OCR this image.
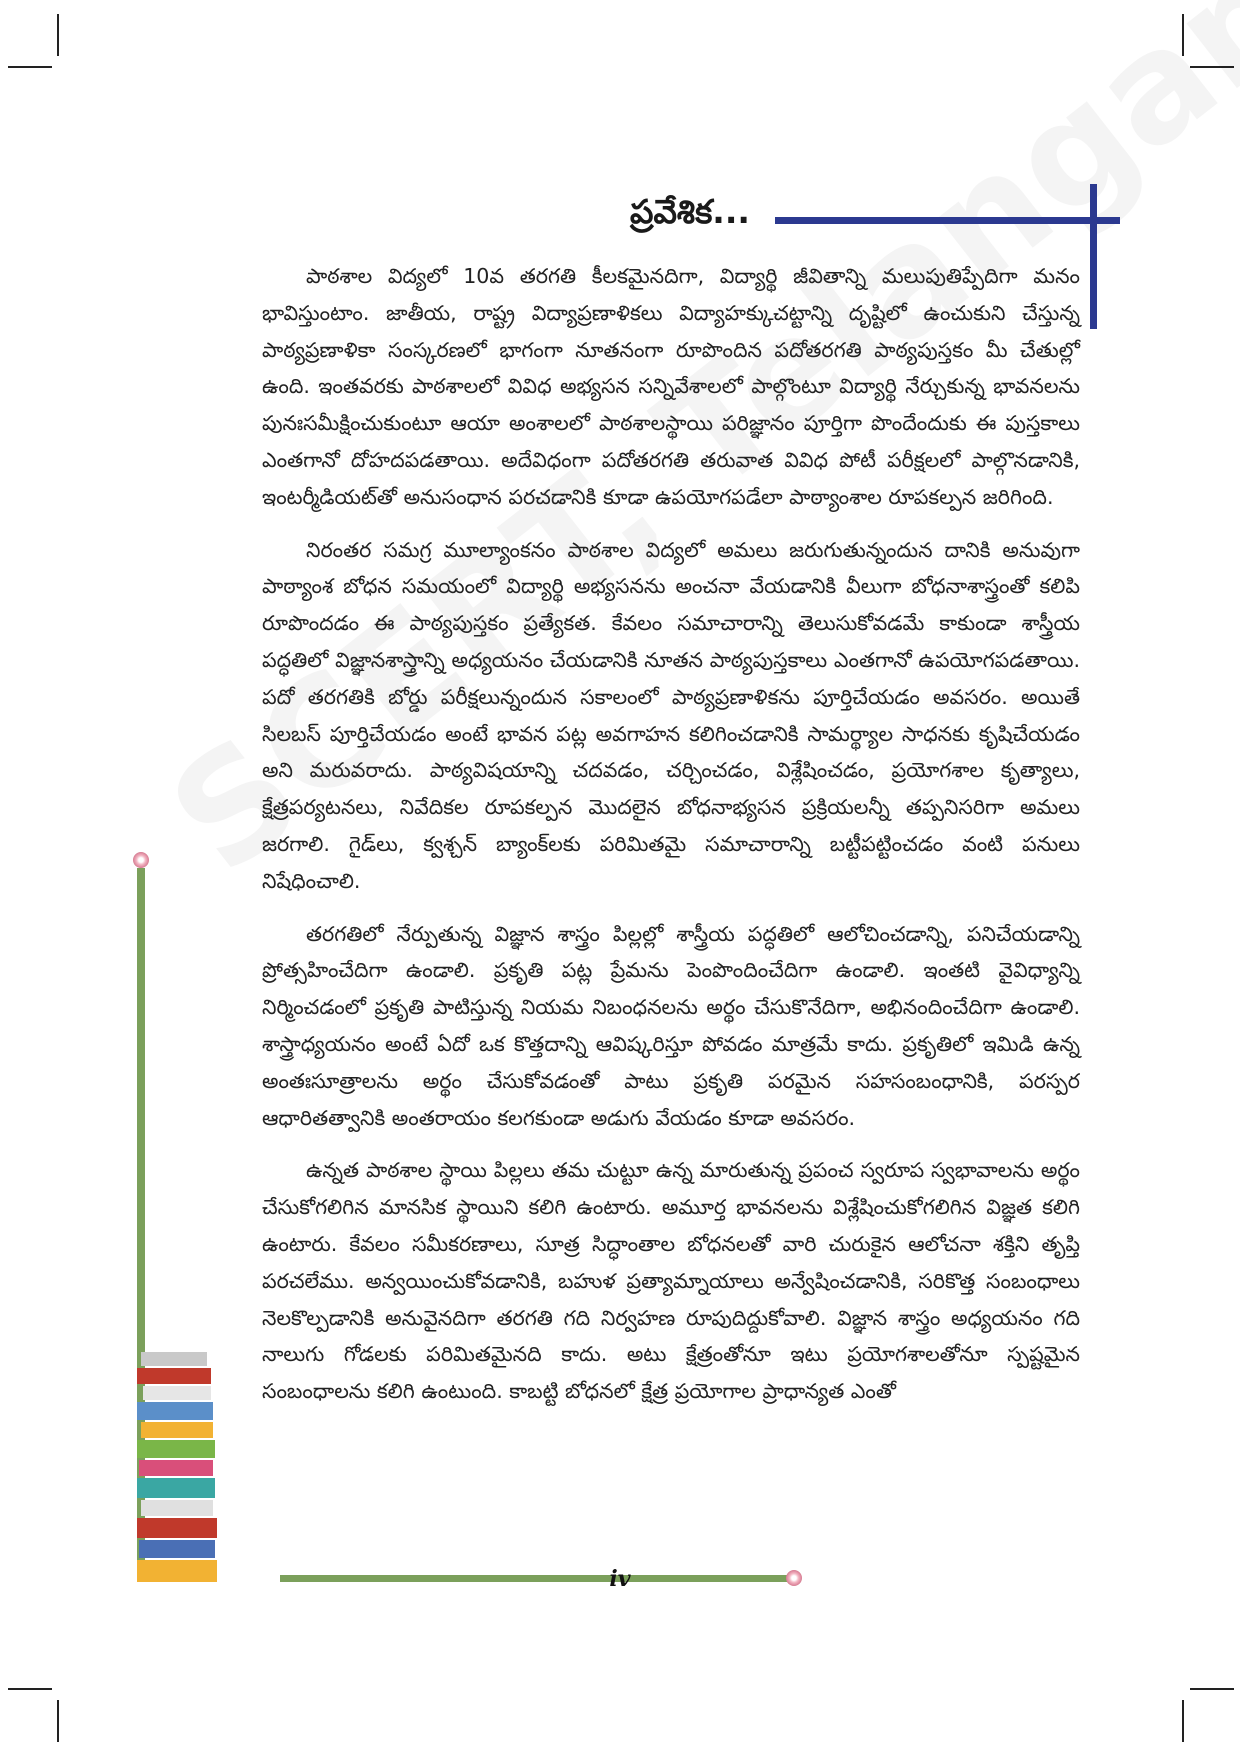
ప్రవేశిక...

పాఠశాల విద్యలో 10వ తరగతి కీలకమైనదిగా, విద్యార్థి జీవితాన్ని మలుపుతిప్పేదిగా మనం భావిస్తుంటాం. జాతీయ, రాష్ట్ర విద్యాప్రణాళికలు విద్యాహక్కుచట్టాన్ని దృష్టిలో ఉంచుకుని చేస్తున్న పాఠ్యప్రణాళికా సంస్కరణలో భాగంగా నూతనంగా రూపొందిన పదోతరగతి పాఠ్యపుస్తకం మీ చేతుల్లో ఉంది. ఇంతవరకు పాఠశాలలో వివిధ అభ్యసన సన్నివేశాలలో పాల్గొంటూ విద్యార్థి నేర్చుకున్న భావనలను పునఃసమీక్షించుకుంటూ ఆయా అంశాలలో పాఠశాలస్థాయి పరిజ్ఞానం పూర్తిగా పొందేందుకు ఈ పుస్తకాలు ఎంతగానో దోహదపడతాయి. అదేవిధంగా పదోతరగతి తరువాత వివిధ పోటీ పరీక్షలలో పాల్గొనడానికి, ఇంటర్మీడియట్‌తో అనుసంధాన పరచడానికి కూడా ఉపయోగపడేలా పాఠ్యాంశాల రూపకల్పన జరిగింది.

నిరంతర సమగ్ర మూల్యాంకనం పాఠశాల విద్యలో అమలు జరుగుతున్నందున దానికి అనువుగా పాఠ్యాంశ బోధన సమయంలో విద్యార్థి అభ్యసనను అంచనా వేయడానికి వీలుగా బోధనాశాస్త్రంతో కలిపి రూపొందడం ఈ పాఠ్యపుస్తకం ప్రత్యేకత. కేవలం సమాచారాన్ని తెలుసుకోవడమే కాకుండా శాస్త్రీయ పద్ధతిలో విజ్ఞానశాస్త్రాన్ని అధ్యయనం చేయడానికి నూతన పాఠ్యపుస్తకాలు ఎంతగానో ఉపయోగపడతాయి. పదో తరగతికి బోర్డు పరీక్షలున్నందున సకాలంలో పాఠ్యప్రణాళికను పూర్తిచేయడం అవసరం. అయితే సిలబస్ పూర్తిచేయడం అంటే భావన పట్ల అవగాహన కలిగించడానికి సామర్థ్యాల సాధనకు కృషిచేయడం అని మరువరాదు. పాఠ్యవిషయాన్ని చదవడం, చర్చించడం, విశ్లేషించడం, ప్రయోగశాల కృత్యాలు, క్షేత్రపర్యటనలు, నివేదికల రూపకల్పన మొదలైన బోధనాభ్యసన ప్రక్రియలన్నీ తప్పనిసరిగా అమలు జరగాలి. గైడ్‌లు, క్వశ్చన్ బ్యాంక్‌లకు పరిమితమై సమాచారాన్ని బట్టీపట్టించడం వంటి పనులు నిషేధించాలి.

తరగతిలో నేర్పుతున్న విజ్ఞాన శాస్త్రం పిల్లల్లో శాస్త్రీయ పద్ధతిలో ఆలోచించడాన్ని, పనిచేయడాన్ని ప్రోత్సహించేదిగా ఉండాలి. ప్రకృతి పట్ల ప్రేమను పెంపొందించేదిగా ఉండాలి. ఇంతటి వైవిధ్యాన్ని నిర్మించడంలో ప్రకృతి పాటిస్తున్న నియమ నిబంధనలను అర్థం చేసుకొనేదిగా, అభినందించేదిగా ఉండాలి. శాస్త్రాధ్యయనం అంటే ఏదో ఒక కొత్తదాన్ని ఆవిష్కరిస్తూ పోవడం మాత్రమే కాదు. ప్రకృతిలో ఇమిడి ఉన్న అంతఃసూత్రాలను అర్థం చేసుకోవడంతో పాటు ప్రకృతి పరమైన సహసంబంధానికి, పరస్పర ఆధారితత్వానికి అంతరాయం కలగకుండా అడుగు వేయడం కూడా అవసరం.

ఉన్నత పాఠశాల స్థాయి పిల్లలు తమ చుట్టూ ఉన్న మారుతున్న ప్రపంచ స్వరూప స్వభావాలను అర్థం చేసుకోగలిగిన మానసిక స్థాయిని కలిగి ఉంటారు. అమూర్త భావనలను విశ్లేషించుకోగలిగిన విజ్ఞత కలిగి ఉంటారు. కేవలం సమీకరణాలు, సూత్ర సిద్ధాంతాల బోధనలతో వారి చురుకైన ఆలోచనా శక్తిని తృప్తి పరచలేము. అన్వయించుకోవడానికి, బహుళ ప్రత్యామ్నాయాలు అన్వేషించడానికి, సరికొత్త సంబంధాలు నెలకొల్పడానికి అనువైనదిగా తరగతి గది నిర్వహణ రూపుదిద్దుకోవాలి. విజ్ఞాన శాస్త్రం అధ్యయనం గది నాలుగు గోడలకు పరిమితమైనది కాదు. అటు క్షేత్రంతోనూ ఇటు ప్రయోగశాలతోనూ స్పష్టమైన సంబంధాలను కలిగి ఉంటుంది. కాబట్టి బోధనలో క్షేత్ర ప్రయోగాల ప్రాధాన్యత ఎంతో

iv
